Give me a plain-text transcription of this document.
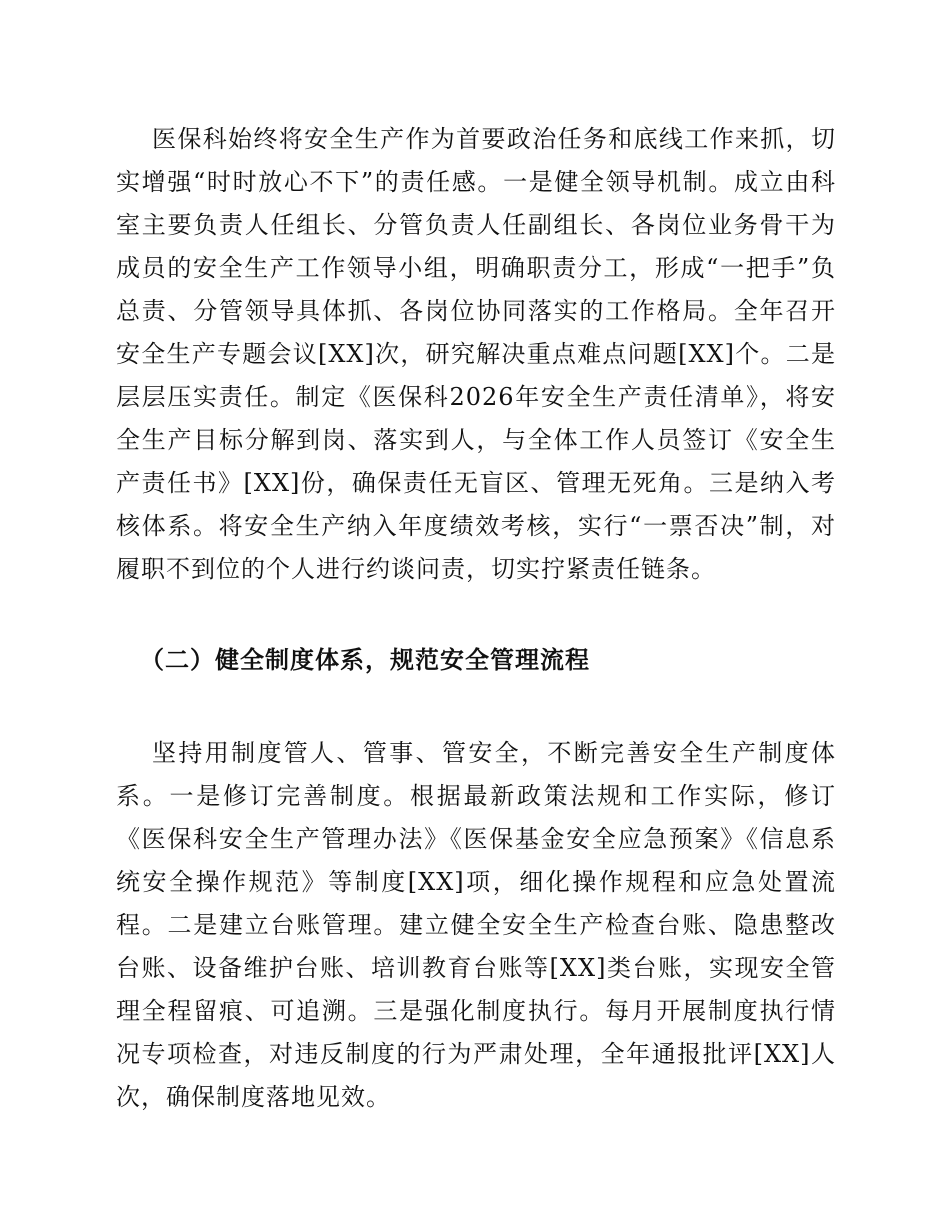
医保科始终将安全生产作为首要政治任务和底线工作来抓，切实增强“时时放心不下”的责任感。一是健全领导机制。成立由科室主要负责人任组长、分管负责人任副组长、各岗位业务骨干为成员的安全生产工作领导小组，明确职责分工，形成“一把手”负总责、分管领导具体抓、各岗位协同落实的工作格局。全年召开安全生产专题会议[XX]次，研究解决重点难点问题[XX]个。二是层层压实责任。制定《医保科2026年安全生产责任清单》，将安全生产目标分解到岗、落实到人，与全体工作人员签订《安全生产责任书》[XX]份，确保责任无盲区、管理无死角。三是纳入考核体系。将安全生产纳入年度绩效考核，实行“一票否决”制，对履职不到位的个人进行约谈问责，切实拧紧责任链条。

（二）健全制度体系，规范安全管理流程

坚持用制度管人、管事、管安全，不断完善安全生产制度体系。一是修订完善制度。根据最新政策法规和工作实际，修订《医保科安全生产管理办法》《医保基金安全应急预案》《信息系统安全操作规范》等制度[XX]项，细化操作规程和应急处置流程。二是建立台账管理。建立健全安全生产检查台账、隐患整改台账、设备维护台账、培训教育台账等[XX]类台账，实现安全管理全程留痕、可追溯。三是强化制度执行。每月开展制度执行情况专项检查，对违反制度的行为严肃处理，全年通报批评[XX]人次，确保制度落地见效。
